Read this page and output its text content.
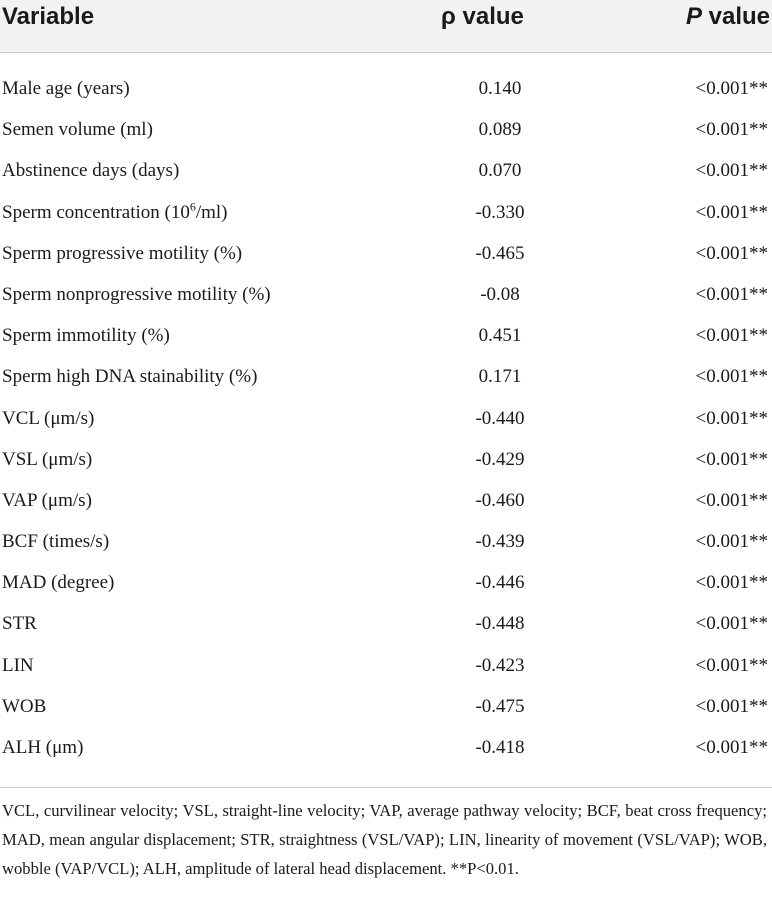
Variable	ρ value	P value
Male age (years)	0.140	<0.001**
Semen volume (ml)	0.089	<0.001**
Abstinence days (days)	0.070	<0.001**
Sperm concentration $(10^6/ml)$	-0.330	<0.001**
Sperm progressive motility (%)	-0.465	<0.001**
Sperm nonprogressive motility (%)	-0.08	<0.001**
Sperm immotility (%)	0.451	<0.001**
Sperm high DNA stainability (%)	0.171	<0.001**
VCL (μm/s)	-0.440	<0.001**
VSL (μm/s)	-0.429	<0.001**
VAP (μm/s)	-0.460	<0.001**
BCF (times/s)	-0.439	<0.001**
MAD (degree)	-0.446	<0.001**
STR	-0.448	<0.001**
LIN	-0.423	<0.001**
WOB	-0.475	<0.001**
ALH (μm)	-0.418	<0.001**
VCL, curvilinear velocity; VSL, straight-line velocity; VAP, average pathway velocity; BCF, beat cross frequency; MAD, mean angular displacement; STR, straightness (VSL/VAP); LIN, linearity of movement (VSL/VAP); WOB, wobble (VAP/VCL); ALH, amplitude of lateral head displacement. **P<0.01.
